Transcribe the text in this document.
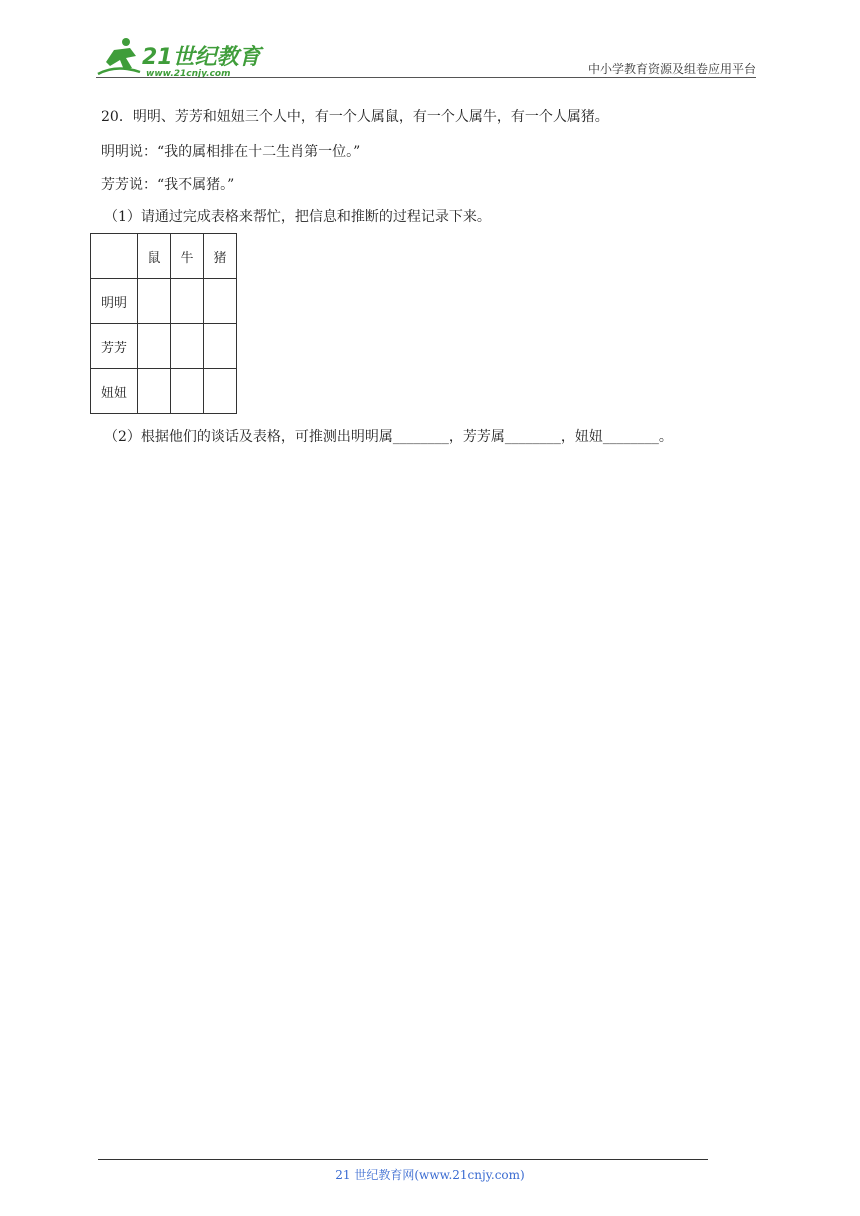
21世纪教育
www.21cnjy.com	中小学教育资源及组卷应用平台
20．明明、芳芳和妞妞三个人中，有一个人属鼠，有一个人属牛，有一个人属猪。
明明说：“我的属相排在十二生肖第一位。”
芳芳说：“我不属猪。”
（1）请通过完成表格来帮忙，把信息和推断的过程记录下来。
	鼠	牛	猪
明明			
芳芳			
妞妞			
（2）根据他们的谈话及表格，可推测出明明属________，芳芳属________，妞妞________。
21 世纪教育网(www.21cnjy.com)
